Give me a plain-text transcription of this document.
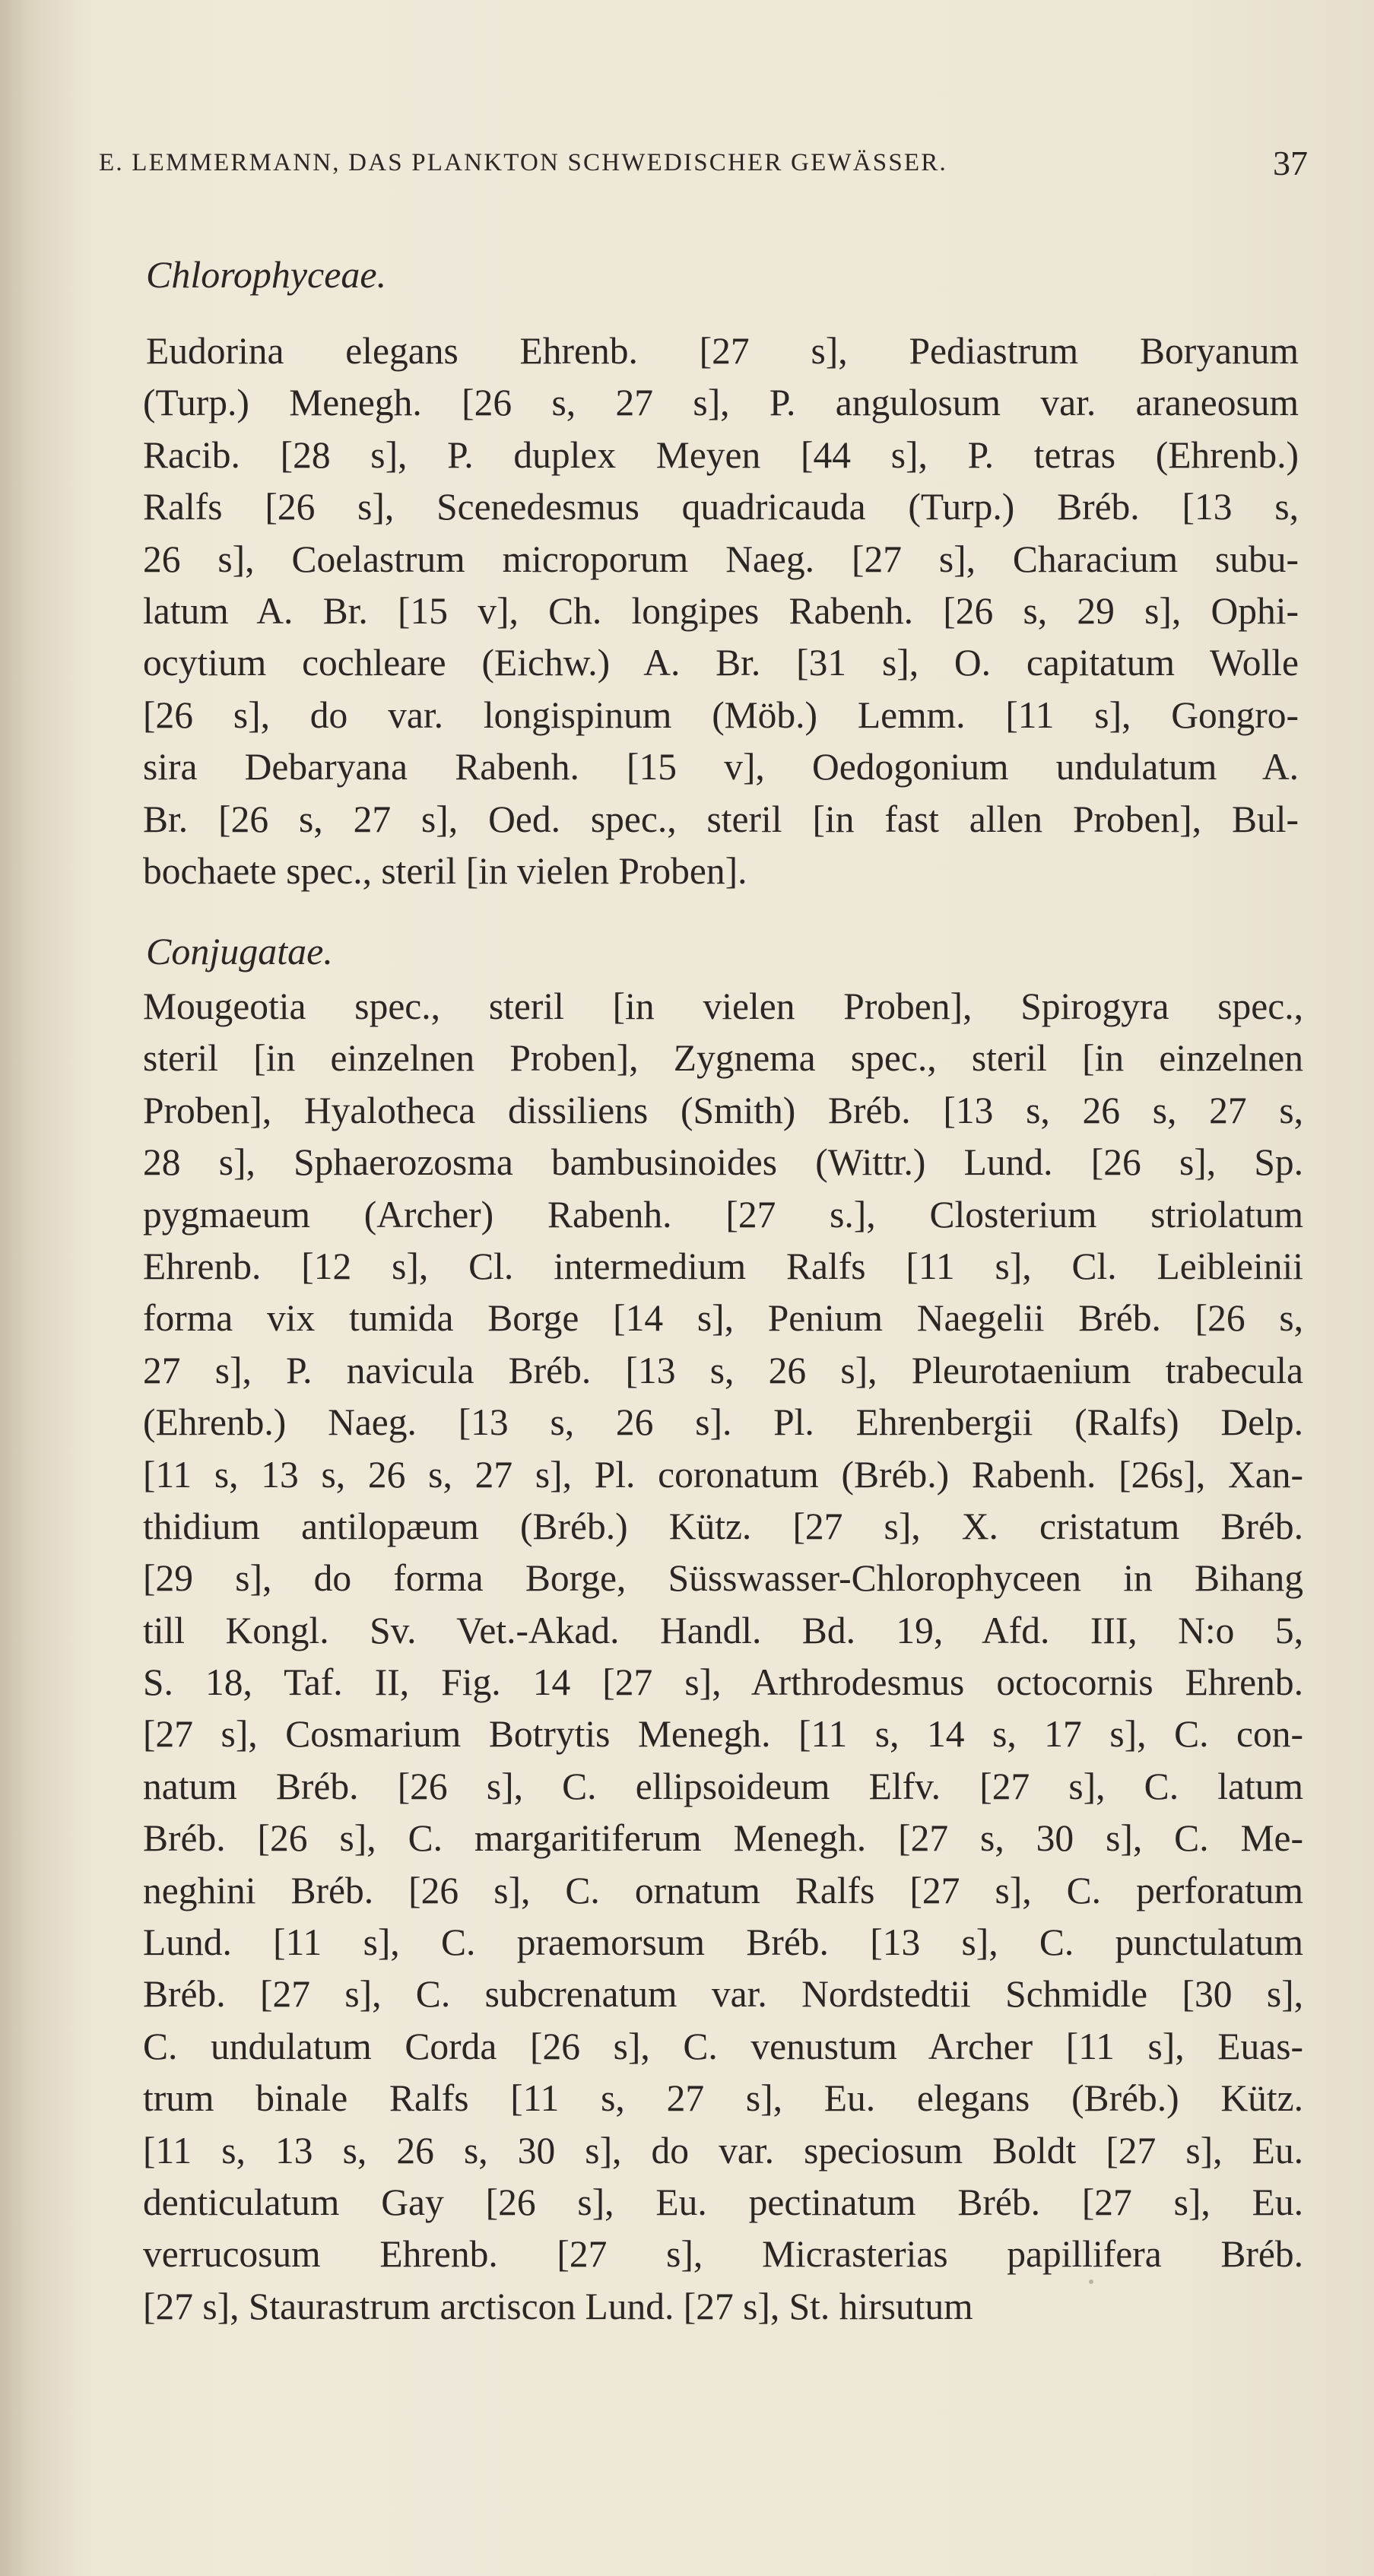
E. LEMMERMANN, DAS PLANKTON SCHWEDISCHER GEWÄSSER.	37
Chlorophyceae.
Eudorina elegans Ehrenb. [27 s], Pediastrum Boryanum
(Turp.) Menegh. [26 s, 27 s], P. angulosum var. araneosum
Racib. [28 s], P. duplex Meyen [44 s], P. tetras (Ehrenb.)
Ralfs [26 s], Scenedesmus quadricauda (Turp.) Bréb. [13 s,
26 s], Coelastrum microporum Naeg. [27 s], Characium subu-
latum A. Br. [15 v], Ch. longipes Rabenh. [26 s, 29 s], Ophi-
ocytium cochleare (Eichw.) A. Br. [31 s], O. capitatum Wolle
[26 s], do var. longispinum (Möb.) Lemm. [11 s], Gongro-
sira Debaryana Rabenh. [15 v], Oedogonium undulatum A.
Br. [26 s, 27 s], Oed. spec., steril [in fast allen Proben], Bul-
bochaete spec., steril [in vielen Proben].
Conjugatae.
Mougeotia spec., steril [in vielen Proben], Spirogyra spec.,
steril [in einzelnen Proben], Zygnema spec., steril [in einzelnen
Proben], Hyalotheca dissiliens (Smith) Bréb. [13 s, 26 s, 27 s,
28 s], Sphaerozosma bambusinoides (Wittr.) Lund. [26 s], Sp.
pygmaeum (Archer) Rabenh. [27 s.], Closterium striolatum
Ehrenb. [12 s], Cl. intermedium Ralfs [11 s], Cl. Leibleinii
forma vix tumida Borge [14 s], Penium Naegelii Bréb. [26 s,
27 s], P. navicula Bréb. [13 s, 26 s], Pleurotaenium trabecula
(Ehrenb.) Naeg. [13 s, 26 s]. Pl. Ehrenbergii (Ralfs) Delp.
[11 s, 13 s, 26 s, 27 s], Pl. coronatum (Bréb.) Rabenh. [26s], Xan-
thidium antilopæum (Bréb.) Kütz. [27 s], X. cristatum Bréb.
[29 s], do forma Borge, Süsswasser-Chlorophyceen in Bihang
till Kongl. Sv. Vet.-Akad. Handl. Bd. 19, Afd. III, N:o 5,
S. 18, Taf. II, Fig. 14 [27 s], Arthrodesmus octocornis Ehrenb.
[27 s], Cosmarium Botrytis Menegh. [11 s, 14 s, 17 s], C. con-
natum Bréb. [26 s], C. ellipsoideum Elfv. [27 s], C. latum
Bréb. [26 s], C. margaritiferum Menegh. [27 s, 30 s], C. Me-
neghini Bréb. [26 s], C. ornatum Ralfs [27 s], C. perforatum
Lund. [11 s], C. praemorsum Bréb. [13 s], C. punctulatum
Bréb. [27 s], C. subcrenatum var. Nordstedtii Schmidle [30 s],
C. undulatum Corda [26 s], C. venustum Archer [11 s], Euas-
trum binale Ralfs [11 s, 27 s], Eu. elegans (Bréb.) Kütz.
[11 s, 13 s, 26 s, 30 s], do var. speciosum Boldt [27 s], Eu.
denticulatum Gay [26 s], Eu. pectinatum Bréb. [27 s], Eu.
verrucosum Ehrenb. [27 s], Micrasterias papillifera Bréb.
[27 s], Staurastrum arctiscon Lund. [27 s], St. hirsutum
